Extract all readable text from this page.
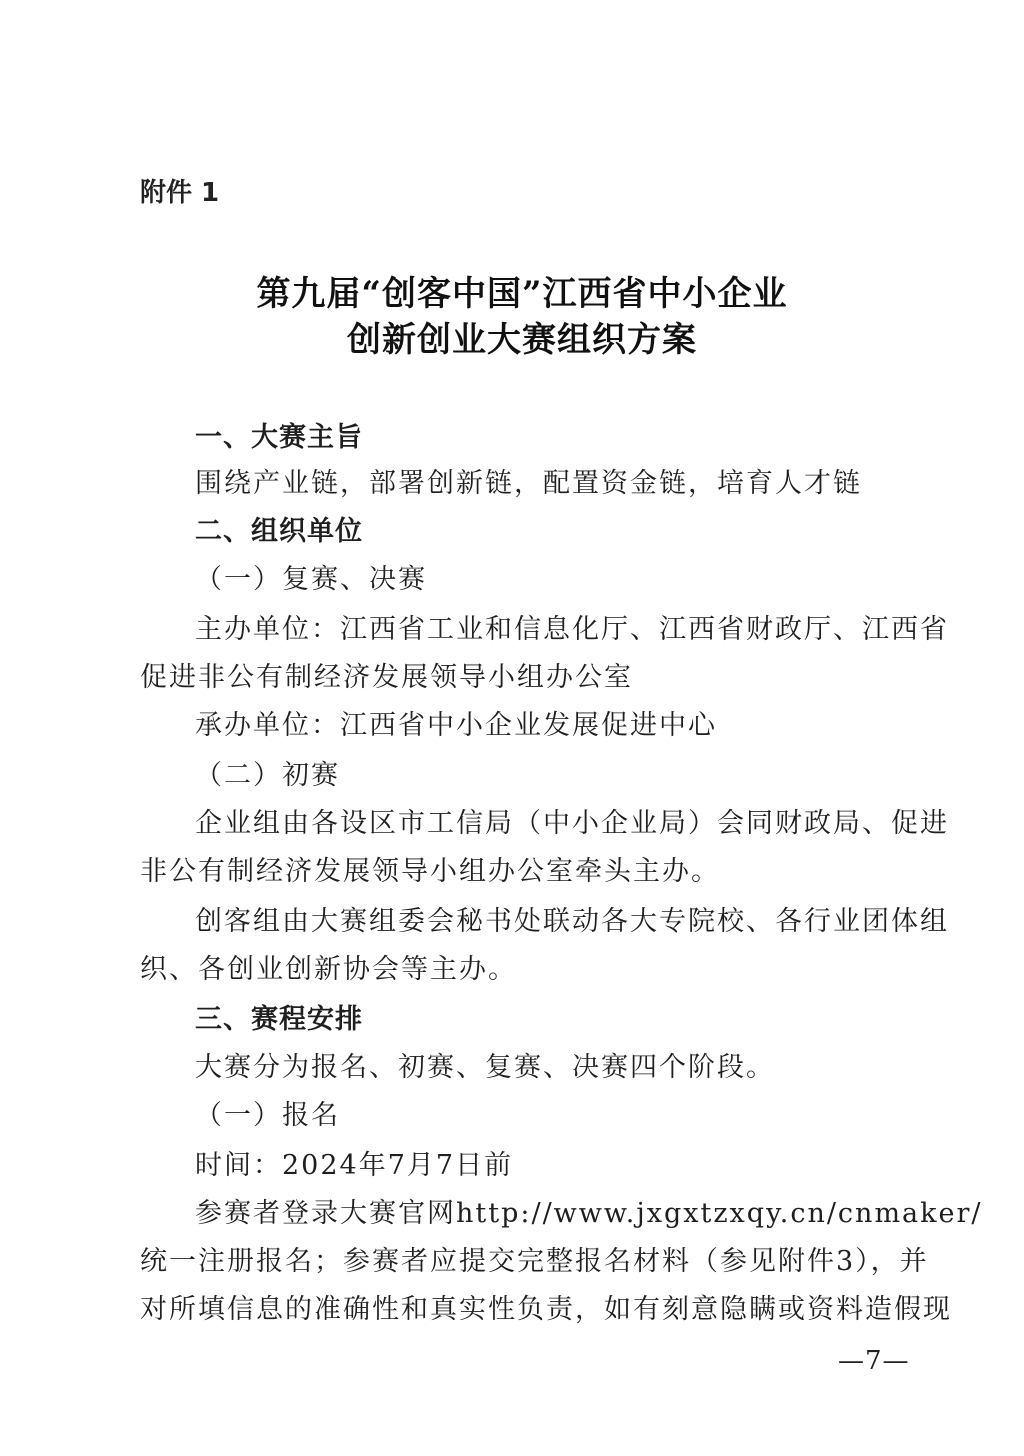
附件 1
第九届“创客中国”江西省中小企业
创新创业大赛组织方案
一、大赛主旨
围绕产业链，部署创新链，配置资金链，培育人才链
二、组织单位
（一）复赛、决赛
主办单位：江西省工业和信息化厅、江西省财政厅、江西省
促进非公有制经济发展领导小组办公室
承办单位：江西省中小企业发展促进中心
（二）初赛
企业组由各设区市工信局（中小企业局）会同财政局、促进
非公有制经济发展领导小组办公室牵头主办。
创客组由大赛组委会秘书处联动各大专院校、各行业团体组
织、各创业创新协会等主办。
三、赛程安排
大赛分为报名、初赛、复赛、决赛四个阶段。
（一）报名
时间：2024年7月7日前
参赛者登录大赛官网http://www.jxgxtzxqy.cn/cnmaker/
统一注册报名；参赛者应提交完整报名材料（参见附件3），并
对所填信息的准确性和真实性负责，如有刻意隐瞒或资料造假现
—7—
